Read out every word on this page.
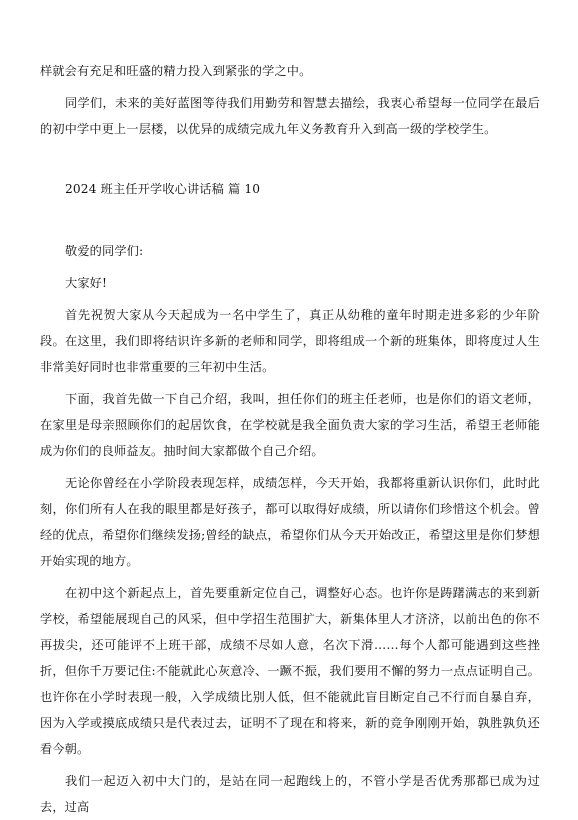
样就会有充足和旺盛的精力投入到紧张的学之中。

同学们，未来的美好蓝图等待我们用勤劳和智慧去描绘，我衷心希望每一位同学在最后的初中学中更上一层楼，以优异的成绩完成九年义务教育升入到高一级的学校学生。

2024 班主任开学收心讲话稿 篇 10

敬爱的同学们:

大家好!

首先祝贺大家从今天起成为一名中学生了，真正从幼稚的童年时期走进多彩的少年阶段。在这里，我们即将结识许多新的老师和同学，即将组成一个新的班集体，即将度过人生非常美好同时也非常重要的三年初中生活。

下面，我首先做一下自己介绍，我叫，担任你们的班主任老师，也是你们的语文老师，在家里是母亲照顾你们的起居饮食，在学校就是我全面负责大家的学习生活，希望王老师能成为你们的良师益友。抽时间大家都做个自己介绍。

无论你曾经在小学阶段表现怎样，成绩怎样，今天开始，我都将重新认识你们，此时此刻，你们所有人在我的眼里都是好孩子，都可以取得好成绩，所以请你们珍惜这个机会。曾经的优点，希望你们继续发扬;曾经的缺点，希望你们从今天开始改正，希望这里是你们梦想开始实现的地方。

在初中这个新起点上，首先要重新定位自己，调整好心态。也许你是踌躇满志的来到新学校，希望能展现自己的风采，但中学招生范围扩大，新集体里人才济济，以前出色的你不再拔尖，还可能评不上班干部，成绩不尽如人意，名次下滑……每个人都可能遇到这些挫折，但你千万要记住:不能就此心灰意冷、一蹶不振，我们要用不懈的努力一点点证明自己。也许你在小学时表现一般，入学成绩比别人低，但不能就此盲目断定自己不行而自暴自弃，因为入学或摸底成绩只是代表过去，证明不了现在和将来，新的竞争刚刚开始，孰胜孰负还看今朝。

我们一起迈入初中大门的，是站在同一起跑线上的，不管小学是否优秀那都已成为过去，过高
